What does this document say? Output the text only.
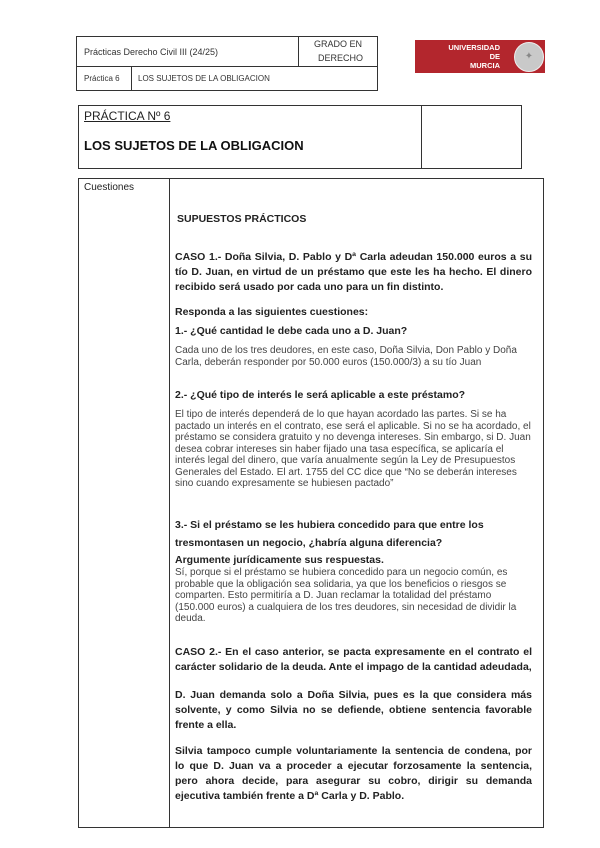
Prácticas Derecho Civil III (24/25)
GRADO EN
DERECHO
Práctica 6 LOS SUJETOS DE LA OBLIGACION
UNIVERSIDAD DE
MURCIA
✦
PRÁCTICA Nº 6
LOS SUJETOS DE LA OBLIGACION
Cuestiones
SUPUESTOS PRÁCTICOS
CASO 1.- Doña Silvia, D. Pablo y Dª Carla adeudan 150.000 euros a su tío D. Juan, en virtud de un préstamo que este les ha hecho. El dinero recibido será usado por cada uno para un fin distinto.
Responda a las siguientes cuestiones:
1.- ¿Qué cantidad le debe cada uno a D. Juan?
Cada uno de los tres deudores, en este caso, Doña Silvia, Don Pablo y Doña Carla, deberán responder por 50.000 euros (150.000/3) a su tío Juan
2.- ¿Qué tipo de interés le será aplicable a este préstamo?
El tipo de interés dependerá de lo que hayan acordado las partes. Si se ha pactado un interés en el contrato, ese será el aplicable. Si no se ha acordado, el préstamo se considera gratuito y no devenga intereses. Sin embargo, si D. Juan desea cobrar intereses sin haber fijado una tasa específica, se aplicaría el interés legal del dinero, que varía anualmente según la Ley de Presupuestos Generales del Estado. El art. 1755 del CC dice que “No se deberán intereses sino cuando expresamente se hubiesen pactado”
3.- Si el préstamo se les hubiera concedido para que entre los tresmontasen un negocio, ¿habría alguna diferencia?
Argumente jurídicamente sus respuestas.
Sí, porque si el préstamo se hubiera concedido para un negocio común, es probable que la obligación sea solidaria, ya que los beneficios o riesgos se comparten. Esto permitiría a D. Juan reclamar la totalidad del préstamo (150.000 euros) a cualquiera de los tres deudores, sin necesidad de dividir la deuda.
CASO 2.- En el caso anterior, se pacta expresamente en el contrato el carácter solidario de la deuda. Ante el impago de la cantidad adeudada,
D. Juan demanda solo a Doña Silvia, pues es la que considera más solvente, y como Silvia no se defiende, obtiene sentencia favorable frente a ella.
Silvia tampoco cumple voluntariamente la sentencia de condena, por lo que D. Juan va a proceder a ejecutar forzosamente la sentencia, pero ahora decide, para asegurar su cobro, dirigir su demanda ejecutiva también frente a Dª Carla y D. Pablo.
